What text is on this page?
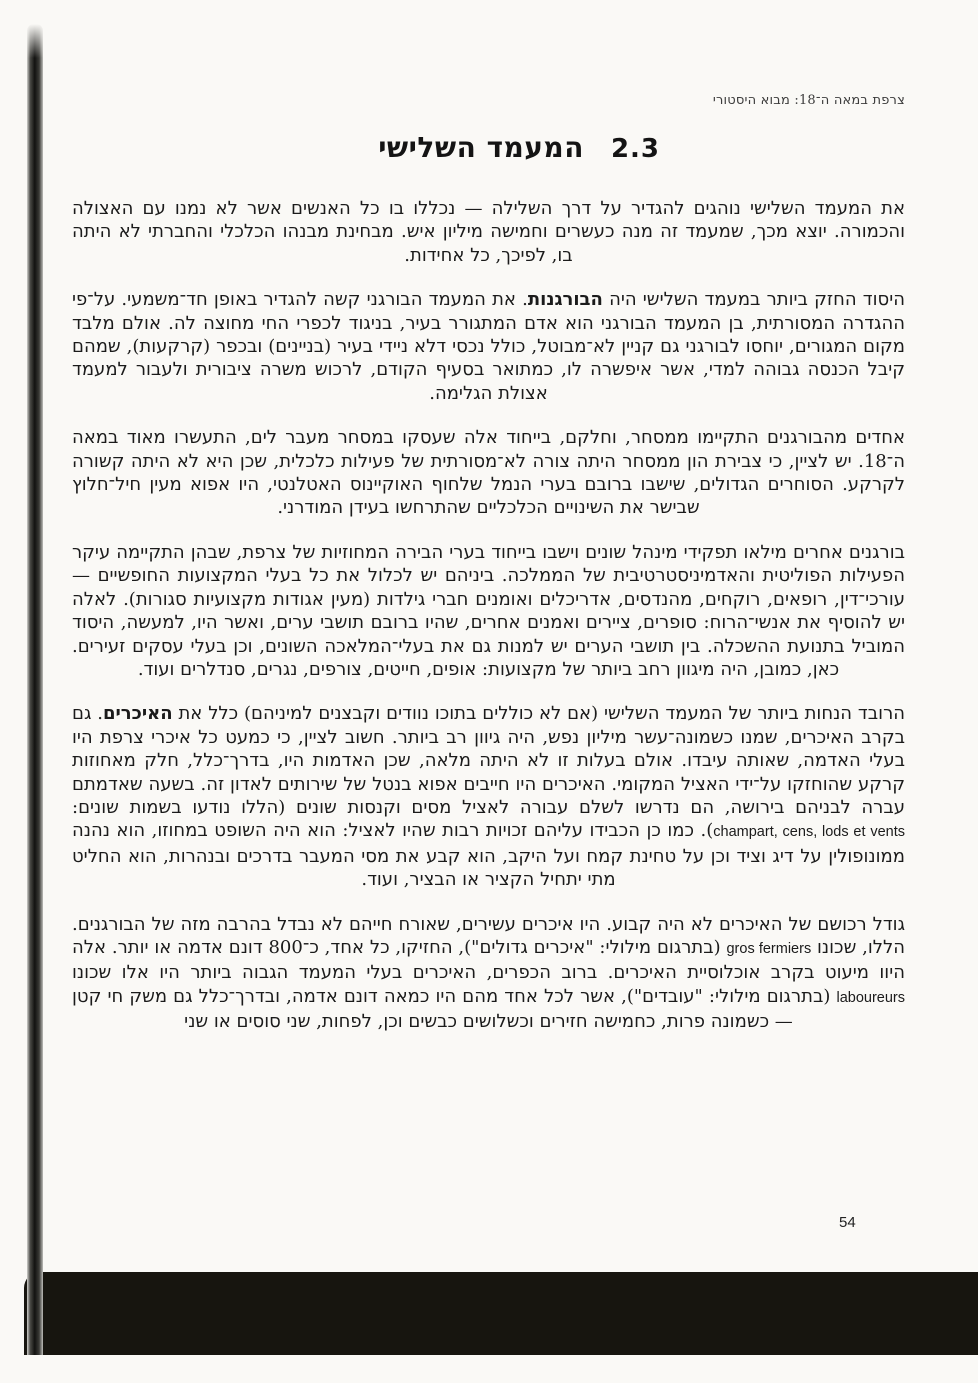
צרפת במאה ה־18: מבוא היסטורי
2.3
המעמד השלישי

את המעמד השלישי נוהגים להגדיר על דרך השלילה — נכללו בו כל האנשים אשר לא נמנו עם האצולה והכמורה. יוצא מכך, שמעמד זה מנה כעשרים וחמישה מיליון איש. מבחינת מבנהו הכלכלי והחברתי לא היתה בו, לפיכך, כל אחידות.

היסוד החזק ביותר במעמד השלישי היה הבורגנות. את המעמד הבורגני קשה להגדיר באופן חד־משמעי. על־פי ההגדרה המסורתית, בן המעמד הבורגני הוא אדם המתגורר בעיר, בניגוד לכפרי החי מחוצה לה. אולם מלבד מקום המגורים, יוחסו לבורגני גם קניין לא־מבוטל, כולל נכסי דלא ניידי בעיר (בניינים) ובכפר (קרקעות), שמהם קיבל הכנסה גבוהה למדי, אשר איפשרה לו, כמתואר בסעיף הקודם, לרכוש משרה ציבורית ולעבור למעמד אצולת הגלימה.

אחדים מהבורגנים התקיימו ממסחר, וחלקם, בייחוד אלה שעסקו במסחר מעבר לים, התעשרו מאוד במאה ה־18. יש לציין, כי צבירת הון ממסחר היתה צורה לא־מסורתית של פעילות כלכלית, שכן היא לא היתה קשורה לקרקע. הסוחרים הגדולים, שישבו ברובם בערי הנמל שלחוף האוקיינוס האטלנטי, היו אפוא מעין חיל־חלוץ שבישר את השינויים הכלכליים שהתרחשו בעידן המודרני.

בורגנים אחרים מילאו תפקידי מינהל שונים וישבו בייחוד בערי הבירה המחוזיות של צרפת, שבהן התקיימה עיקר הפעילות הפוליטית והאדמיניסטרטיבית של הממלכה. ביניהם יש לכלול את כל בעלי המקצועות החופשיים — עורכי־דין, רופאים, רוקחים, מהנדסים, אדריכלים ואומנים חברי גילדות (מעין אגודות מקצועיות סגורות). לאלה יש להוסיף את אנשי־הרוח: סופרים, ציירים ואמנים אחרים, שהיו ברובם תושבי ערים, ואשר היו, למעשה, היסוד המוביל בתנועת ההשכלה. בין תושבי הערים יש למנות גם את בעלי־המלאכה השונים, וכן בעלי עסקים זעירים. כאן, כמובן, היה מיגוון רחב ביותר של מקצועות: אופים, חייטים, צורפים, נגרים, סנדלרים ועוד.

הרובד הנחות ביותר של המעמד השלישי (אם לא כוללים בתוכו נוודים וקבצנים למיניהם) כלל את האיכרים. גם בקרב האיכרים, שמנו כשמונה־עשר מיליון נפש, היה גיוון רב ביותר. חשוב לציין, כי כמעט כל איכרי צרפת היו בעלי האדמה, שאותה עיבדו. אולם בעלות זו לא היתה מלאה, שכן האדמות היו, בדרך־כלל, חלק מאחוזות קרקע שהוחזקו על־ידי האציל המקומי. האיכרים היו חייבים אפוא בנטל של שירותים לאדון זה. בשעה שאדמתם עברה לבניהם בירושה, הם נדרשו לשלם עבורה לאציל מסים וקנסות שונים (הללו נודעו בשמות שונים: champart, cens, lods et vents). כמו כן הכבידו עליהם זכויות רבות שהיו לאציל: הוא היה השופט במחוזו, הוא נהנה ממונופולין על דיג וציד וכן על טחינת קמח ועל היקב, הוא קבע את מסי המעבר בדרכים ובנהרות, הוא החליט מתי יתחיל הקציר או הבציר, ועוד.

גודל רכושם של האיכרים לא היה קבוע. היו איכרים עשירים, שאורח חייהם לא נבדל בהרבה מזה של הבורגנים. הללו, שכונו gros fermiers (בתרגום מילולי: "איכרים גדולים"), החזיקו, כל אחד, כ־800 דונם אדמה או יותר. אלה היוו מיעוט בקרב אוכלוסיית האיכרים. ברוב הכפרים, האיכרים בעלי המעמד הגבוה ביותר היו אלו שכונו laboureurs (בתרגום מילולי: "עובדים"), אשר לכל אחד מהם היו כמאה דונם אדמה, ובדרך־כלל גם משק חי קטן — כשמונה פרות, כחמישה חזירים וכשלושים כבשים וכן, לפחות, שני סוסים או שני

54
